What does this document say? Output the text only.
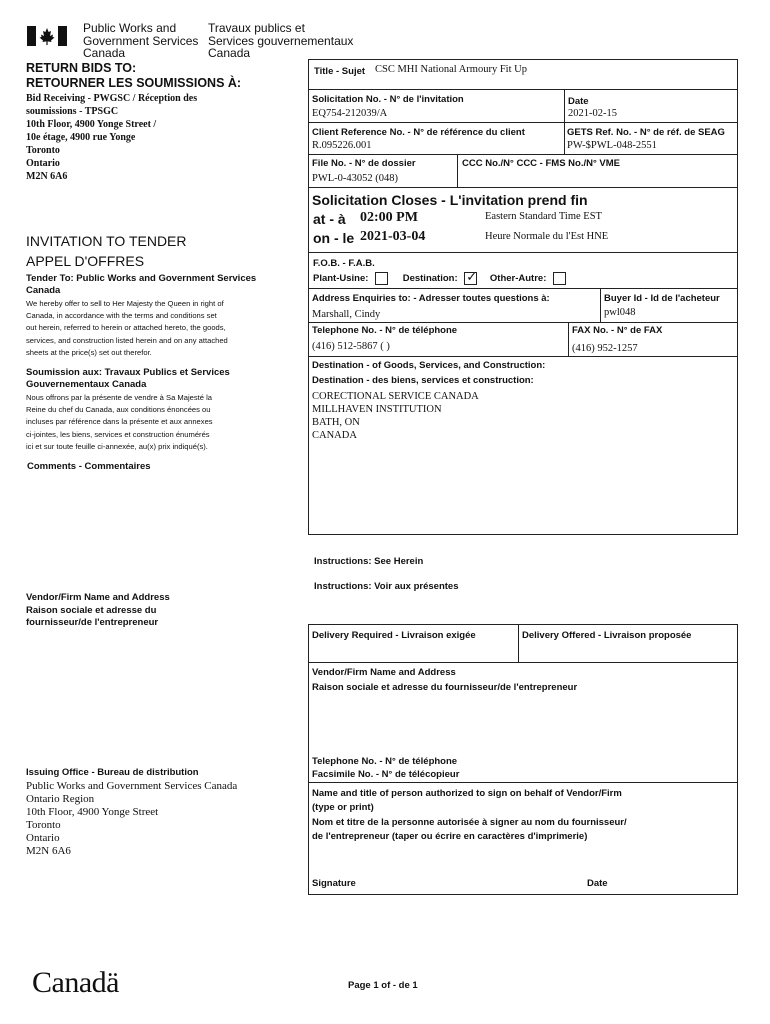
Public Works and
Government Services
Canada
Travaux publics et
Services gouvernementaux
Canada
RETURN BIDS TO:
RETOURNER LES SOUMISSIONS À:
Bid Receiving - PWGSC / Réception des
soumissions - TPSGC
10th Floor, 4900 Yonge Street /
10e étage, 4900 rue Yonge
Toronto
Ontario
M2N 6A6
INVITATION TO TENDER
APPEL D'OFFRES
Tender To: Public Works and Government Services Canada
We hereby offer to sell to Her Majesty the Queen in right of
Canada, in accordance with the terms and conditions set
out herein, referred to herein or attached hereto, the goods,
services, and construction listed herein and on any attached
sheets at the price(s) set out therefor.
Soumission aux: Travaux Publics et Services Gouvernementaux Canada
Nous offrons par la présente de vendre à Sa Majesté la
Reine du chef du Canada, aux conditions énoncées ou
incluses par référence dans la présente et aux annexes
ci-jointes, les biens, services et construction énumérés
ici et sur toute feuille ci-annexée, au(x) prix indiqué(s).
Comments - Commentaires
Vendor/Firm Name and Address
Raison sociale et adresse du
fournisseur/de l'entrepreneur
Issuing Office - Bureau de distribution
Public Works and Government Services Canada
Ontario Region
10th Floor, 4900 Yonge Street
Toronto
Ontario
M2N 6A6
Title - Sujet CSC MHI National Armoury Fit Up
Solicitation No. - N° de l'invitation
EQ754-212039/A
Date
2021-02-15
Client Reference No. - N° de référence du client
R.095226.001
GETS Ref. No. - N° de réf. de SEAG
PW-$PWL-048-2551
File No. - N° de dossier
PWL-0-43052 (048)
CCC No./N° CCC - FMS No./N° VME
Solicitation Closes - L'invitation prend fin
at - à 02:00 PM
on - le 2021-03-04
Eastern Standard Time EST
Heure Normale du l'Est HNE
F.O.B. - F.A.B.
Plant-Usine:	Destination: ✓	Other-Autre:
Address Enquiries to: - Adresser toutes questions à:
Marshall, Cindy
Buyer Id - Id de l'acheteur
pwl048
Telephone No. - N° de téléphone
(416) 512-5867 ( )
FAX No. - N° de FAX
(416) 952-1257
Destination - of Goods, Services, and Construction:
Destination - des biens, services et construction:
CORECTIONAL SERVICE CANADA
MILLHAVEN INSTITUTION
BATH, ON
CANADA
Instructions: See Herein
Instructions: Voir aux présentes
Delivery Required - Livraison exigée	Delivery Offered - Livraison proposée
Vendor/Firm Name and Address
Raison sociale et adresse du fournisseur/de l'entrepreneur
Telephone No. - N° de téléphone
Facsimile No. - N° de télécopieur
Name and title of person authorized to sign on behalf of Vendor/Firm
(type or print)
Nom et titre de la personne autorisée à signer au nom du fournisseur/
de l'entrepreneur (taper ou écrire en caractères d'imprimerie)
Signature	Date
Canadä	Page 1 of - de 1
